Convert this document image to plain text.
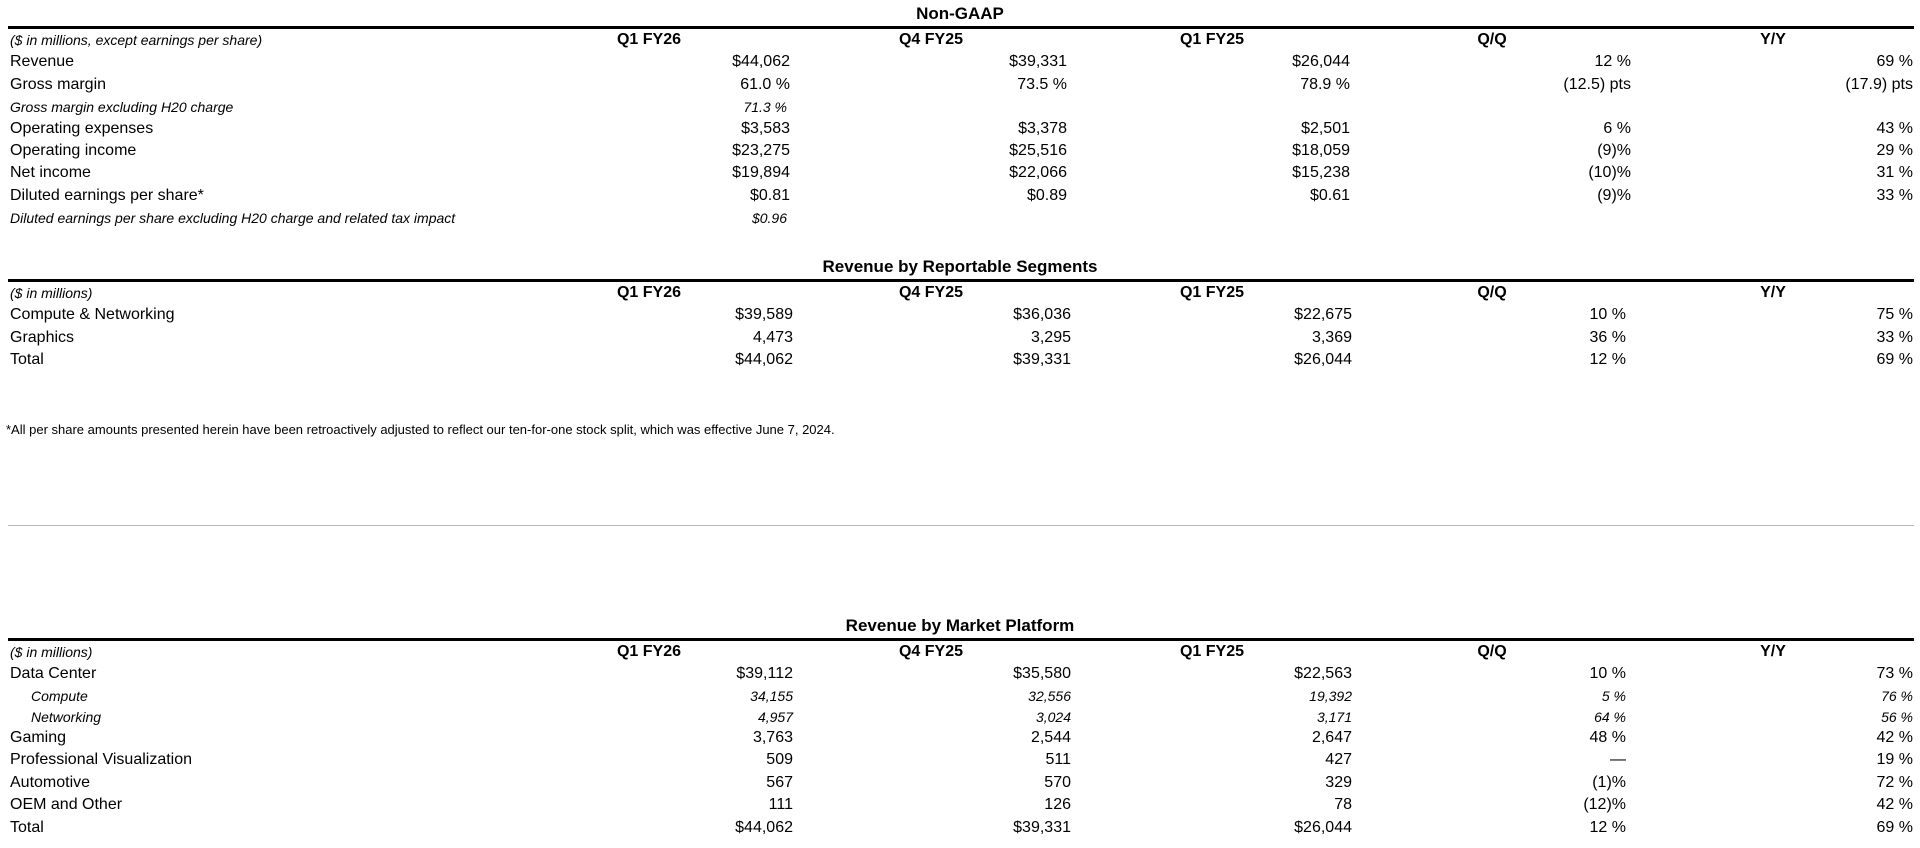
Non-GAAP
($ in millions, except earnings per share)	Q1 FY26	Q4 FY25	Q1 FY25	Q/Q	Y/Y
Revenue	$44,062	$39,331	$26,044	12 %	69 %
Gross margin	61.0 %	73.5 %	78.9 %	(12.5) pts	(17.9) pts
Gross margin excluding H20 charge	71.3 %
Operating expenses	$3,583	$3,378	$2,501	6 %	43 %
Operating income	$23,275	$25,516	$18,059	(9)%	29 %
Net income	$19,894	$22,066	$15,238	(10)%	31 %
Diluted earnings per share*	$0.81	$0.89	$0.61	(9)%	33 %
Diluted earnings per share excluding H20 charge and related tax impact	$0.96
Revenue by Reportable Segments
($ in millions)	Q1 FY26	Q4 FY25	Q1 FY25	Q/Q	Y/Y
Compute & Networking	$39,589	$36,036	$22,675	10 %	75 %
Graphics	4,473	3,295	3,369	36 %	33 %
Total	$44,062	$39,331	$26,044	12 %	69 %
*All per share amounts presented herein have been retroactively adjusted to reflect our ten-for-one stock split, which was effective June 7, 2024.
Revenue by Market Platform
($ in millions)	Q1 FY26	Q4 FY25	Q1 FY25	Q/Q	Y/Y
Data Center	$39,112	$35,580	$22,563	10 %	73 %
Compute	34,155	32,556	19,392	5 %	76 %
Networking	4,957	3,024	3,171	64 %	56 %
Gaming	3,763	2,544	2,647	48 %	42 %
Professional Visualization	509	511	427	—	19 %
Automotive	567	570	329	(1)%	72 %
OEM and Other	111	126	78	(12)%	42 %
Total	$44,062	$39,331	$26,044	12 %	69 %
